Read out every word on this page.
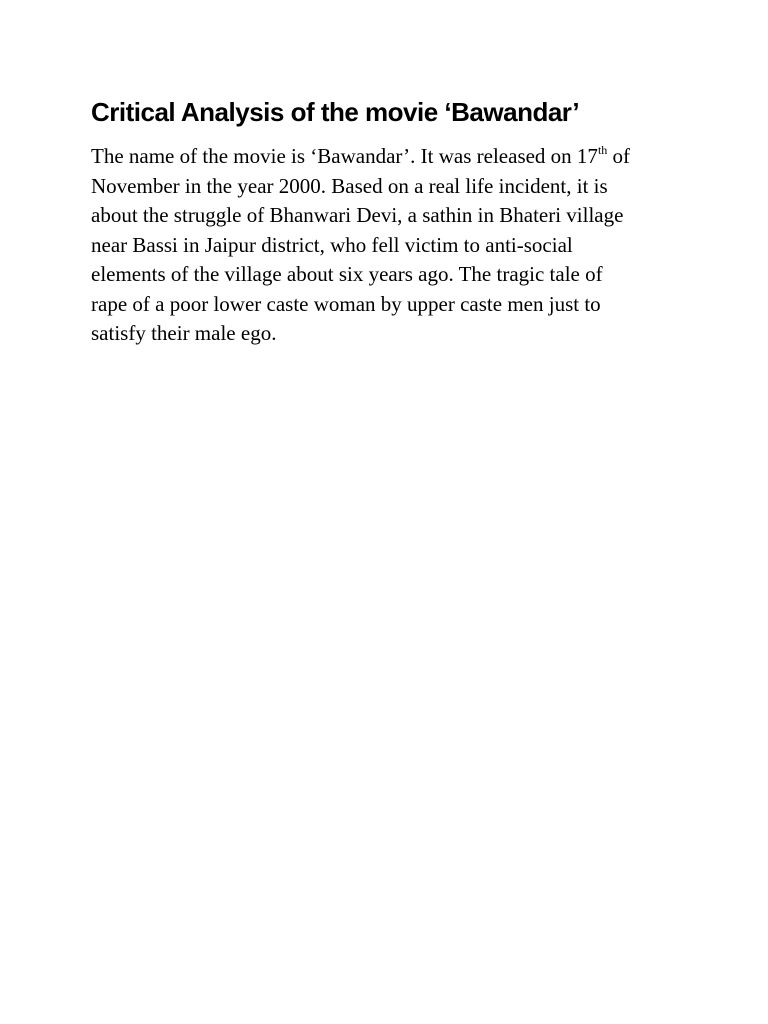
Critical Analysis of the movie ‘Bawandar’
The name of the movie is ‘Bawandar’. It was released on 17th of
November in the year 2000. Based on a real life incident, it is
about the struggle of Bhanwari Devi, a sathin in Bhateri village
near Bassi in Jaipur district, who fell victim to anti-social
elements of the village about six years ago. The tragic tale of
rape of a poor lower caste woman by upper caste men just to
satisfy their male ego.
